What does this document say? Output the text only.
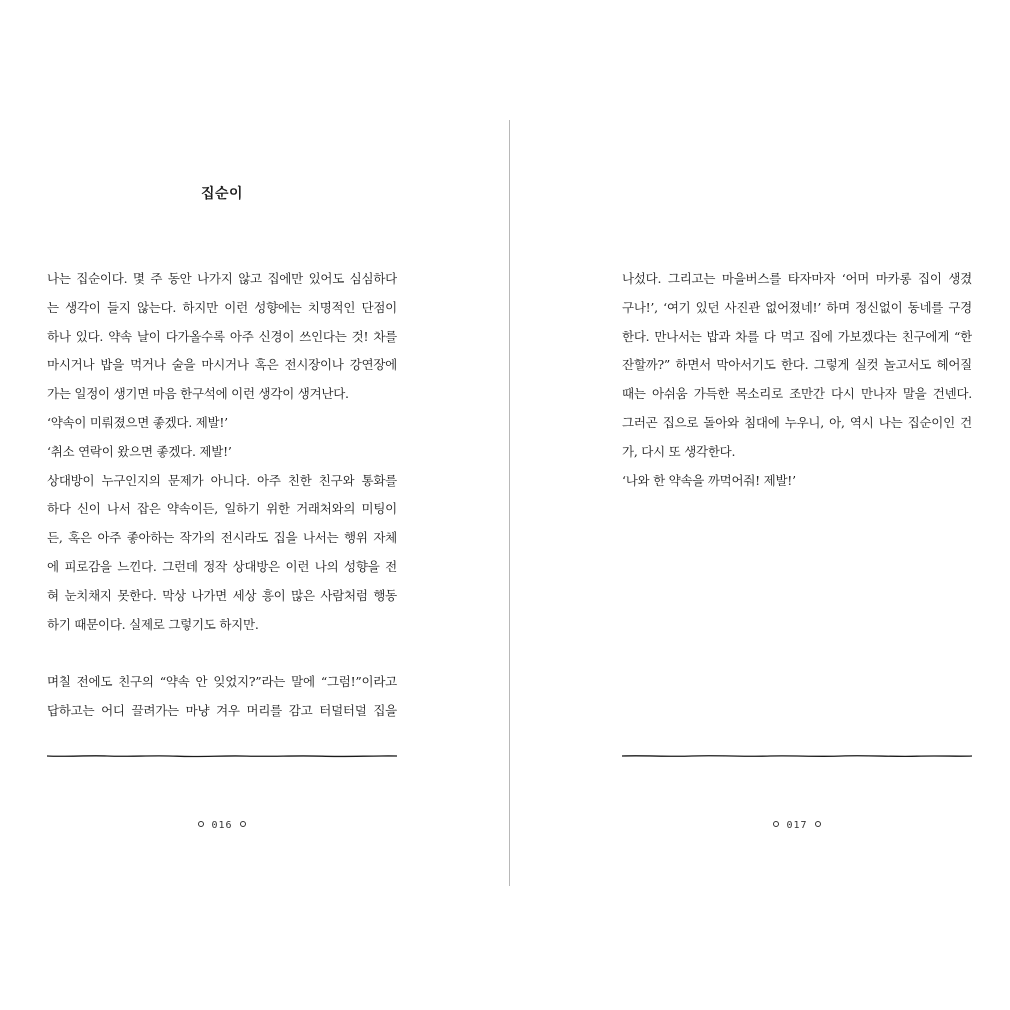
집순이
나는 집순이다. 몇 주 동안 나가지 않고 집에만 있어도 심심하다
는 생각이 들지 않는다. 하지만 이런 성향에는 치명적인 단점이
하나 있다. 약속 날이 다가올수록 아주 신경이 쓰인다는 것! 차를
마시거나 밥을 먹거나 술을 마시거나 혹은 전시장이나 강연장에
가는 일정이 생기면 마음 한구석에 이런 생각이 생겨난다.
‘약속이 미뤄졌으면 좋겠다. 제발!’
‘취소 연락이 왔으면 좋겠다. 제발!’
상대방이 누구인지의 문제가 아니다. 아주 친한 친구와 통화를
하다 신이 나서 잡은 약속이든, 일하기 위한 거래처와의 미팅이
든, 혹은 아주 좋아하는 작가의 전시라도 집을 나서는 행위 자체
에 피로감을 느낀다. 그런데 정작 상대방은 이런 나의 성향을 전
혀 눈치채지 못한다. 막상 나가면 세상 흥이 많은 사람처럼 행동
하기 때문이다. 실제로 그렇기도 하지만.
며칠 전에도 친구의 “약속 안 잊었지?”라는 말에 “그럼!”이라고
답하고는 어디 끌려가는 마냥 겨우 머리를 감고 터덜터덜 집을
016
나섰다. 그리고는 마을버스를 타자마자 ‘어머 마카롱 집이 생겼
구나!’, ‘여기 있던 사진관 없어졌네!’ 하며 정신없이 동네를 구경
한다. 만나서는 밥과 차를 다 먹고 집에 가보겠다는 친구에게 “한
잔할까?” 하면서 막아서기도 한다. 그렇게 실컷 놀고서도 헤어질
때는 아쉬움 가득한 목소리로 조만간 다시 만나자 말을 건넨다.
그러곤 집으로 돌아와 침대에 누우니, 아, 역시 나는 집순이인 건
가, 다시 또 생각한다.
‘나와 한 약속을 까먹어줘! 제발!’
017
